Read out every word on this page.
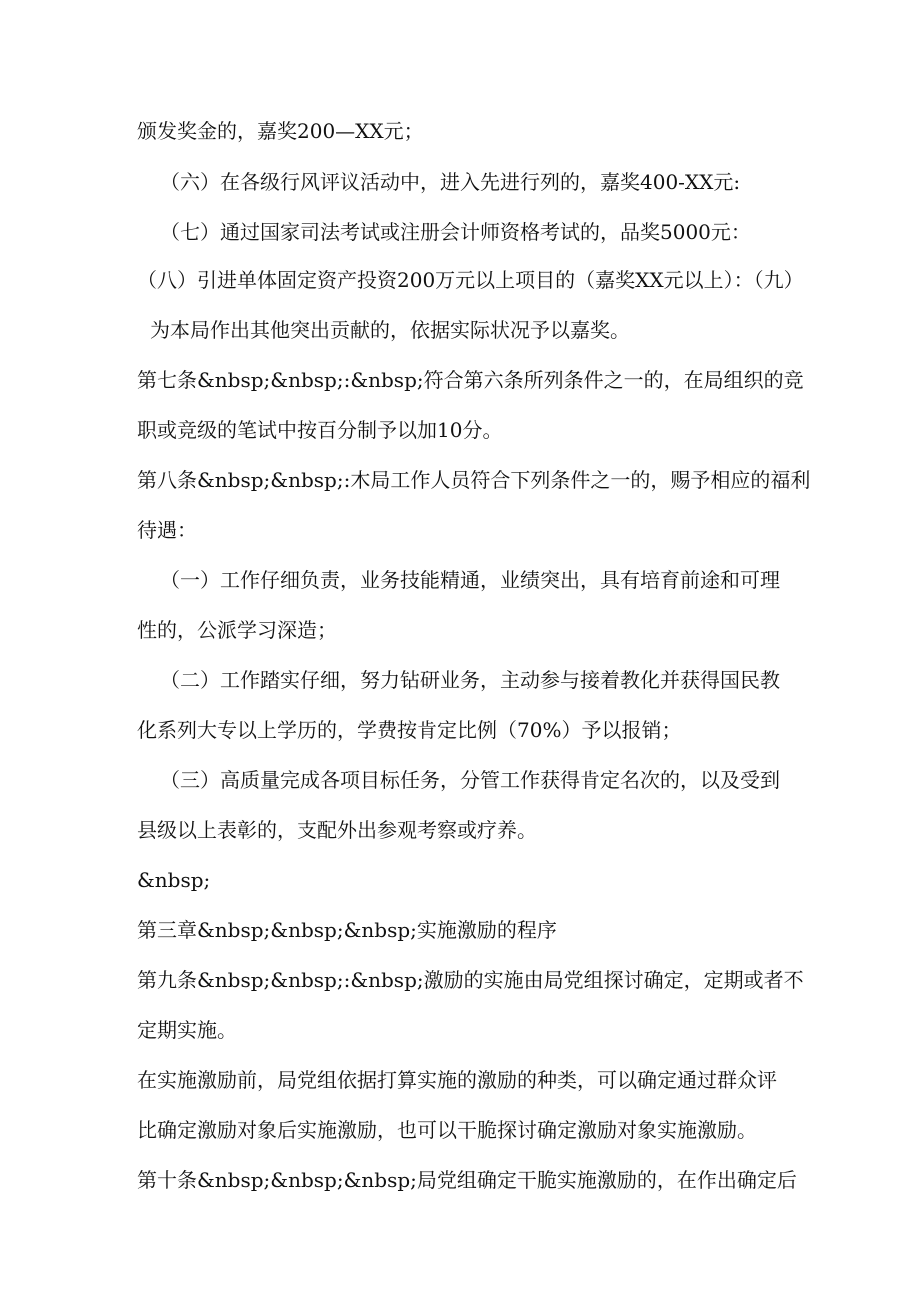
颁发奖金的，嘉奖200—XX元；
（六）在各级行风评议活动中，进入先进行列的，嘉奖400-XX元:
（七）通过国家司法考试或注册会计师资格考试的，品奖5000元：
（八）引进单体固定资产投资200万元以上项目的（嘉奖XX元以上）：（九）
为本局作出其他突出贡献的，依据实际状况予以嘉奖。
第七条&nbsp;&nbsp;:&nbsp;符合第六条所列条件之一的，在局组织的竞
职或竞级的笔试中按百分制予以加10分。
第八条&nbsp;&nbsp;:木局工作人员符合下列条件之一的，赐予相应的福利
待遇：
（一）工作仔细负责，业务技能精通，业绩突出，具有培育前途和可理
性的，公派学习深造；
（二）工作踏实仔细，努力钻研业务，主动参与接着教化并获得国民教
化系列大专以上学历的，学费按肯定比例（70%）予以报销；
（三）高质量完成各项目标任务，分管工作获得肯定名次的，以及受到
县级以上表彰的，支配外出参观考察或疗养。
&nbsp;
第三章&nbsp;&nbsp;&nbsp;实施激励的程序
第九条&nbsp;&nbsp;:&nbsp;激励的实施由局党组探讨确定，定期或者不
定期实施。
在实施激励前，局党组依据打算实施的激励的种类，可以确定通过群众评
比确定激励对象后实施激励，也可以干脆探讨确定激励对象实施激励。
第十条&nbsp;&nbsp;&nbsp;局党组确定干脆实施激励的，在作出确定后
